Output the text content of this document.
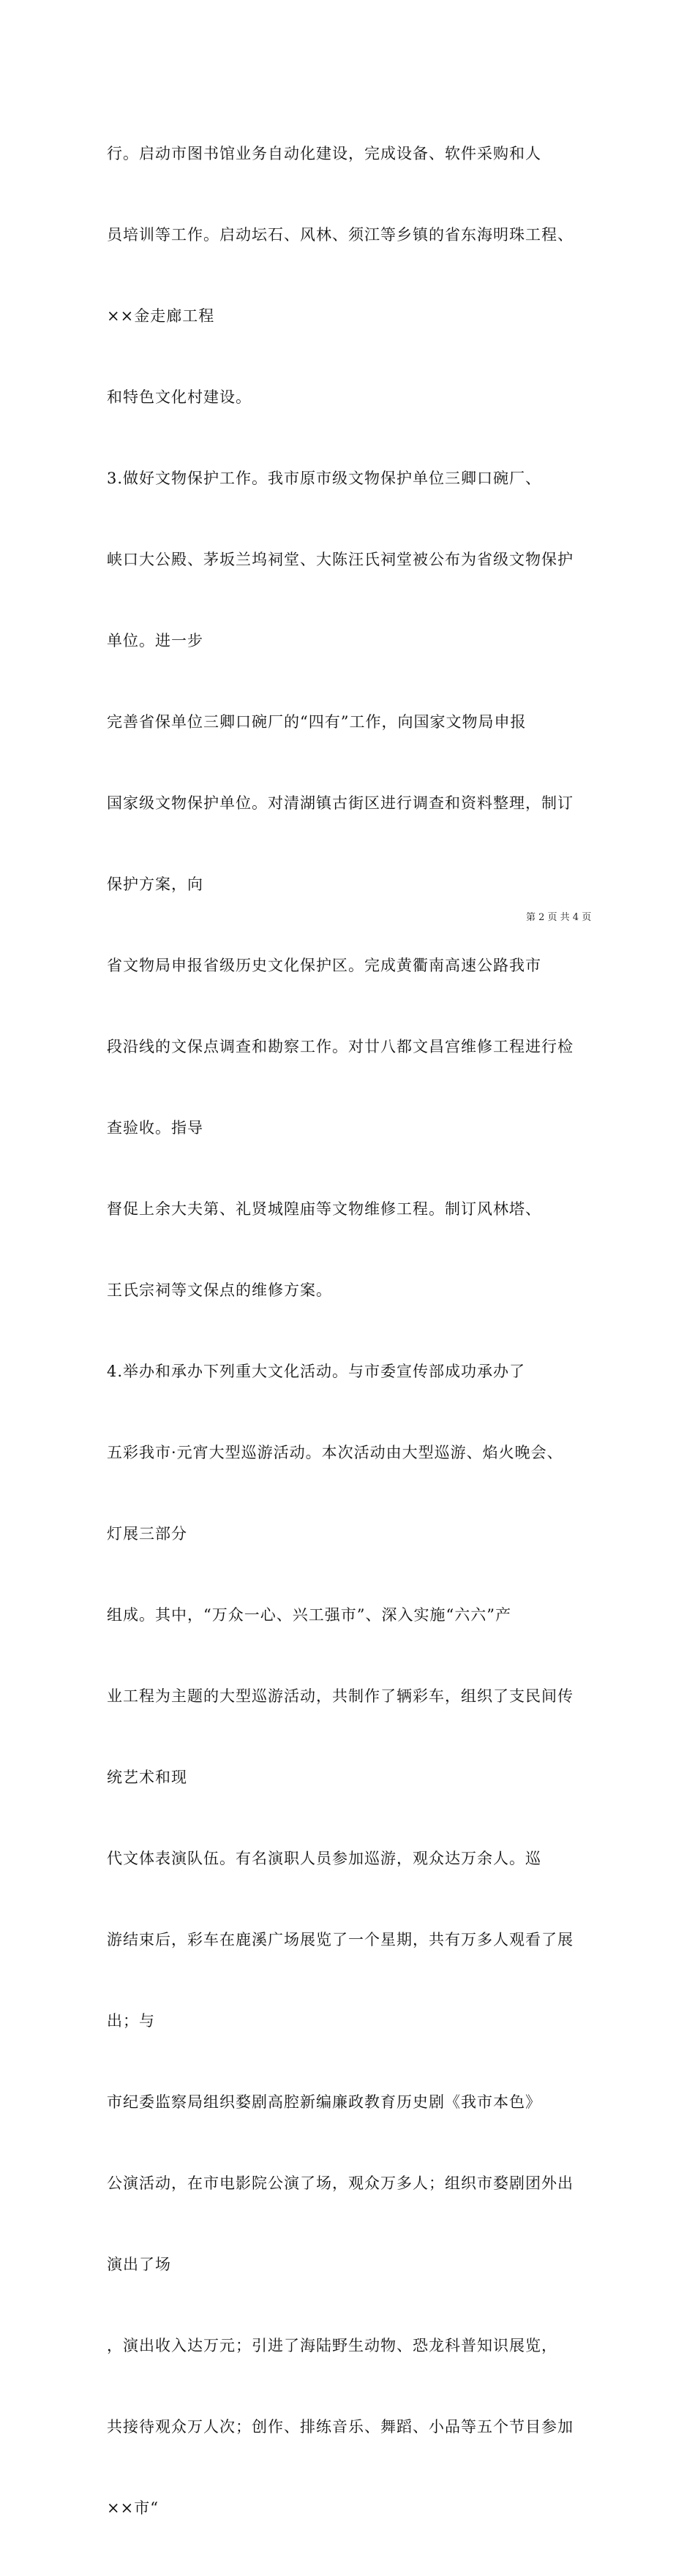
行。启动市图书馆业务自动化建设，完成设备、软件采购和人

员培训等工作。启动坛石、风林、须江等乡镇的省东海明珠工程、

××金走廊工程

和特色文化村建设。

3.做好文物保护工作。我市原市级文物保护单位三卿口碗厂、

峡口大公殿、茅坂兰坞祠堂、大陈汪氏祠堂被公布为省级文物保护

单位。进一步

完善省保单位三卿口碗厂的“四有”工作，向国家文物局申报

国家级文物保护单位。对清湖镇古街区进行调查和资料整理，制订

保护方案，向

省文物局申报省级历史文化保护区。完成黄衢南高速公路我市

段沿线的文保点调查和勘察工作。对廿八都文昌宫维修工程进行检

查验收。指导

督促上余大夫第、礼贤城隍庙等文物维修工程。制订风林塔、

王氏宗祠等文保点的维修方案。

4.举办和承办下列重大文化活动。与市委宣传部成功承办了

五彩我市·元宵大型巡游活动。本次活动由大型巡游、焰火晚会、

灯展三部分

组成。其中，“万众一心、兴工强市”、深入实施“六六”产

业工程为主题的大型巡游活动，共制作了辆彩车，组织了支民间传

统艺术和现

代文体表演队伍。有名演职人员参加巡游，观众达万余人。巡

游结束后，彩车在鹿溪广场展览了一个星期，共有万多人观看了展

出；与

市纪委监察局组织婺剧高腔新编廉政教育历史剧《我市本色》

公演活动，在市电影院公演了场，观众万多人；组织市婺剧团外出

演出了场

，演出收入达万元；引进了海陆野生动物、恐龙科普知识展览，

共接待观众万人次；创作、排练音乐、舞蹈、小品等五个节目参加

××市“

第 2 页 共 4 页
